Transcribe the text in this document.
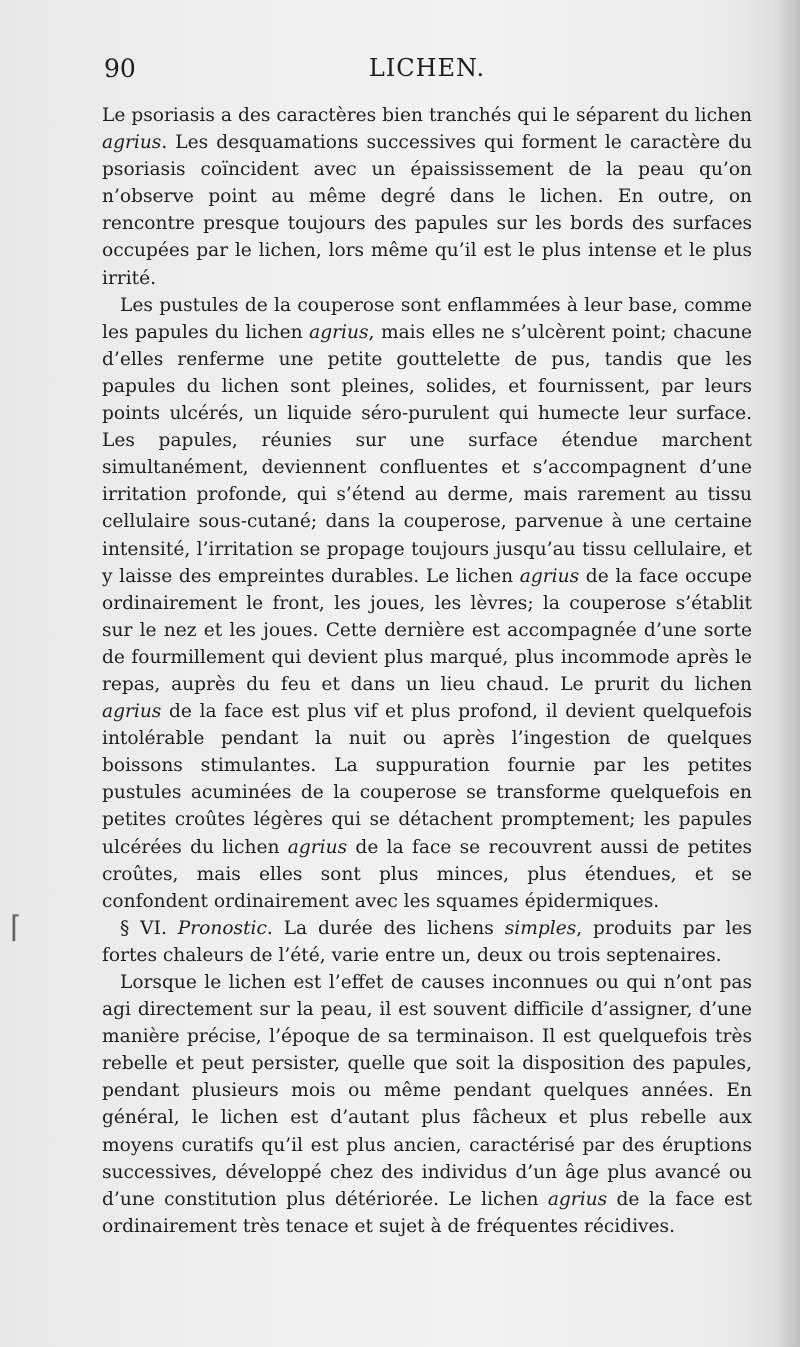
90	LICHEN.

Le psoriasis a des caractères bien tranchés qui le séparent du lichen agrius. Les desquamations successives qui forment le caractère du psoriasis coïncident avec un épaississement de la peau qu’on n’observe point au même degré dans le lichen. En outre, on rencontre presque toujours des papules sur les bords des surfaces occupées par le lichen, lors même qu’il est le plus intense et le plus irrité.

Les pustules de la couperose sont enflammées à leur base, comme les papules du lichen agrius, mais elles ne s’ulcèrent point; chacune d’elles renferme une petite gouttelette de pus, tandis que les papules du lichen sont pleines, solides, et fournissent, par leurs points ulcérés, un liquide séro-purulent qui humecte leur surface. Les papules, réunies sur une surface étendue marchent simultanément, deviennent confluentes et s’accompagnent d’une irritation profonde, qui s’étend au derme, mais rarement au tissu cellulaire sous-cutané; dans la couperose, parvenue à une certaine intensité, l’irritation se propage toujours jusqu’au tissu cellulaire, et y laisse des empreintes durables. Le lichen agrius de la face occupe ordinairement le front, les joues, les lèvres; la couperose s’établit sur le nez et les joues. Cette dernière est accompagnée d’une sorte de fourmillement qui devient plus marqué, plus incommode après le repas, auprès du feu et dans un lieu chaud. Le prurit du lichen agrius de la face est plus vif et plus profond, il devient quelquefois intolérable pendant la nuit ou après l’ingestion de quelques boissons stimulantes. La suppuration fournie par les petites pustules acuminées de la couperose se transforme quelquefois en petites croûtes légères qui se détachent promptement; les papules ulcérées du lichen agrius de la face se recouvrent aussi de petites croûtes, mais elles sont plus minces, plus étendues, et se confondent ordinairement avec les squames épidermiques.

§ VI. Pronostic. La durée des lichens simples, produits par les fortes chaleurs de l’été, varie entre un, deux ou trois septenaires.

Lorsque le lichen est l’effet de causes inconnues ou qui n’ont pas agi directement sur la peau, il est souvent difficile d’assigner, d’une manière précise, l’époque de sa terminaison. Il est quelquefois très rebelle et peut persister, quelle que soit la disposition des papules, pendant plusieurs mois ou même pendant quelques années. En général, le lichen est d’autant plus fâcheux et plus rebelle aux moyens curatifs qu’il est plus ancien, caractérisé par des éruptions successives, développé chez des individus d’un âge plus avancé ou d’une constitution plus détériorée. Le lichen agrius de la face est ordinairement très tenace et sujet à de fréquentes récidives.

⌈
